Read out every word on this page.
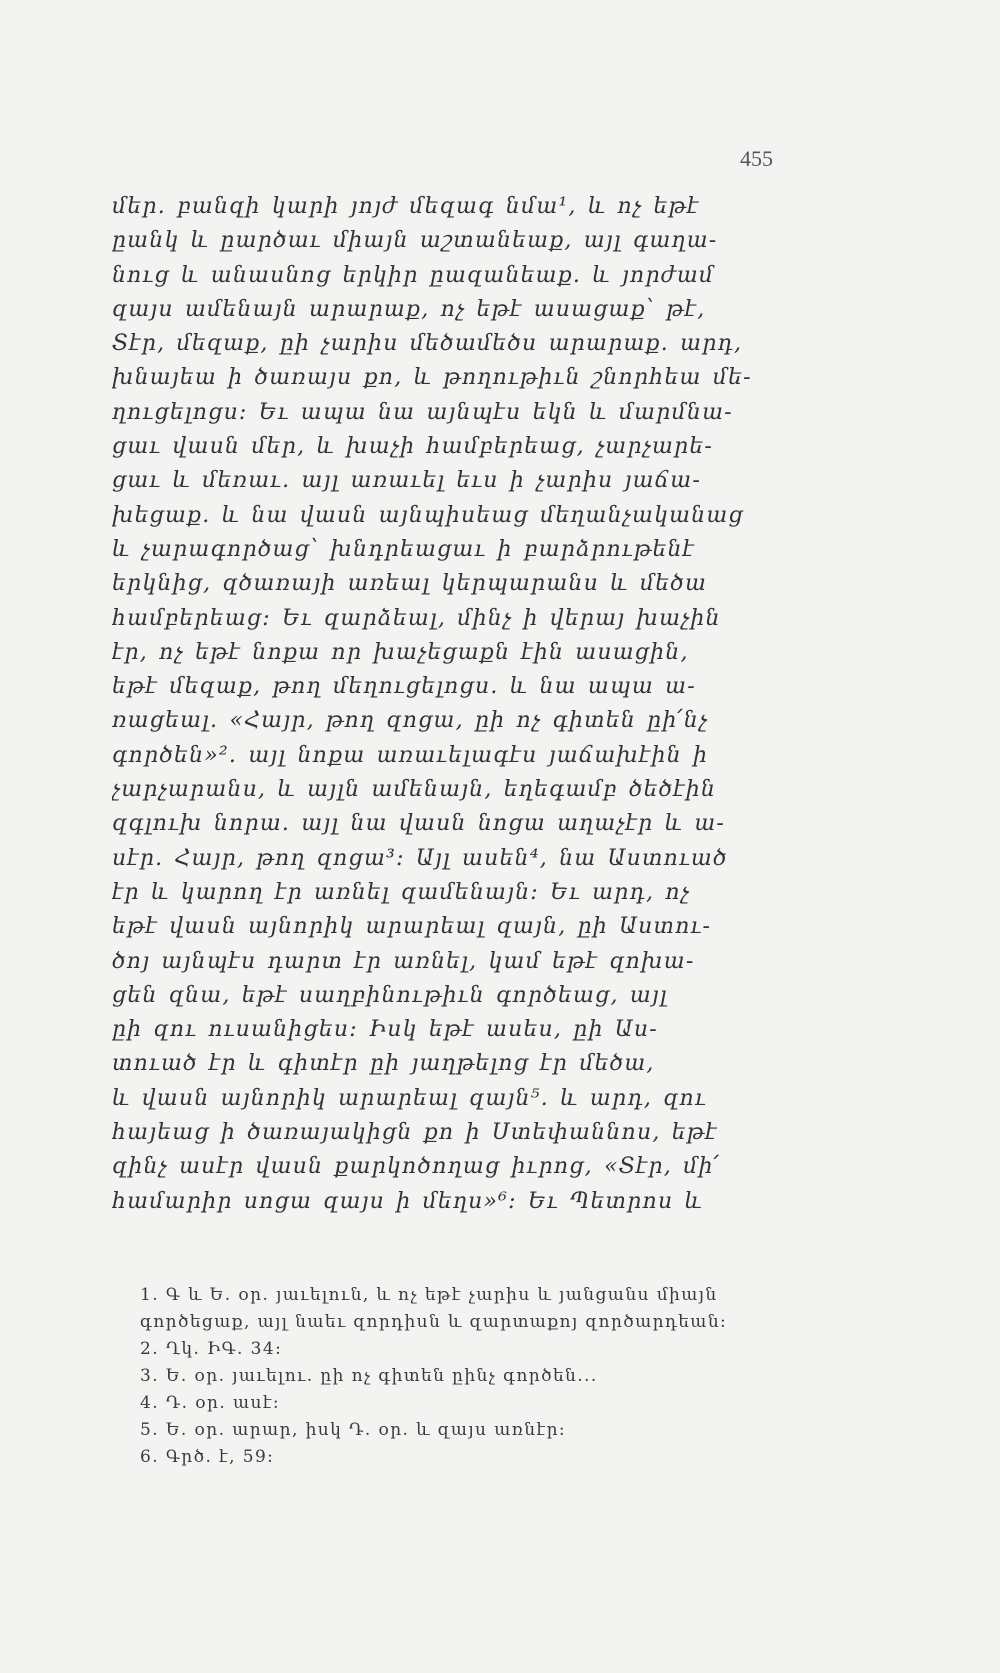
455
մեր. բանզի կարի յոյժ մեզագ նմա¹, և ոչ եթէ
ըանկ և ըարծաւ միայն աշտանեաք, այլ գաղա-
նուց և անասնոց երկիր ըազանեաք. և յորժամ
զայս ամենայն արարաք, ոչ եթէ ասացաք՝ թէ,
Տէր, մեզաք, ըի չարիս մեծամեծս արարաք. արդ,
խնայեա ի ծառայս քո, և թողութիւն շնորհեա մե-
ղուցելոցս։ Եւ ապա նա այնպէս եկն և մարմնա-
ցաւ վասն մեր, և խաչի համբերեաց, չարչարե-
ցաւ և մեռաւ. այլ առաւել եւս ի չարիս յաճա-
խեցաք. և նա վասն այնպիսեաց մեղանչականաց
և չարագործաց՝ խնդրեացաւ ի բարձրութենէ
երկնից, զծառայի առեալ կերպարանս և մեծա
համբերեաց։ Եւ զարձեալ, մինչ ի վերայ խաչին
էր, ոչ եթէ նոքա որ խաչեցաքն էին ասացին,
եթէ մեզաք, թող մեղուցելոցս. և նա ապա ա-
ռացեալ. «Հայր, թող զոցա, ըի ոչ գիտեն ըի՛նչ
գործեն»². այլ նոքա առաւելագէս յաճախէին ի
չարչարանս, և այլն ամենայն, եղեգամբ ծեծէին
զգլուխ նորա. այլ նա վասն նոցա աղաչէր և ա-
սէր. Հայր, թող զոցա³։ Այլ ասեն⁴, նա Աստուած
էր և կարող էր առնել զամենայն։ Եւ արդ, ոչ
եթէ վասն այնորիկ արարեալ զայն, ըի Աստու-
ծոյ այնպէս դարտ էր առնել, կամ եթէ զոխա-
ցեն զնա, եթէ սաղբինութիւն գործեաց, այլ
ըի զու ուսանիցես։ Իսկ եթէ ասես, ըի Աս-
տուած էր և գիտէր ըի յաղթելոց էր մեծա,
և վասն այնորիկ արարեալ զայն⁵. և արդ, զու
հայեաց ի ծառայակիցն քո ի Ստեփաննոս, եթէ
զինչ ասէր վասն քարկոծողաց իւրոց, «Տէր, մի՛
համարիր սոցա զայս ի մեղս»⁶։ Եւ Պետրոս և
1. Գ և Ե. օր. յաւելուն, և ոչ եթէ չարիս և յանցանս միայն
գործեցաք, այլ նաեւ զորդիսն և զարտաքոյ զործարդեան։
2. Ղկ. ԻԳ. 34։
3. Ե. օր. յաւելու. ըի ոչ գիտեն ըինչ գործեն...
4. Դ. օր. ասէ։
5. Ե. օր. արար, իսկ Դ. օր. և զայս առնէր։
6. Գրծ. է, 59։
